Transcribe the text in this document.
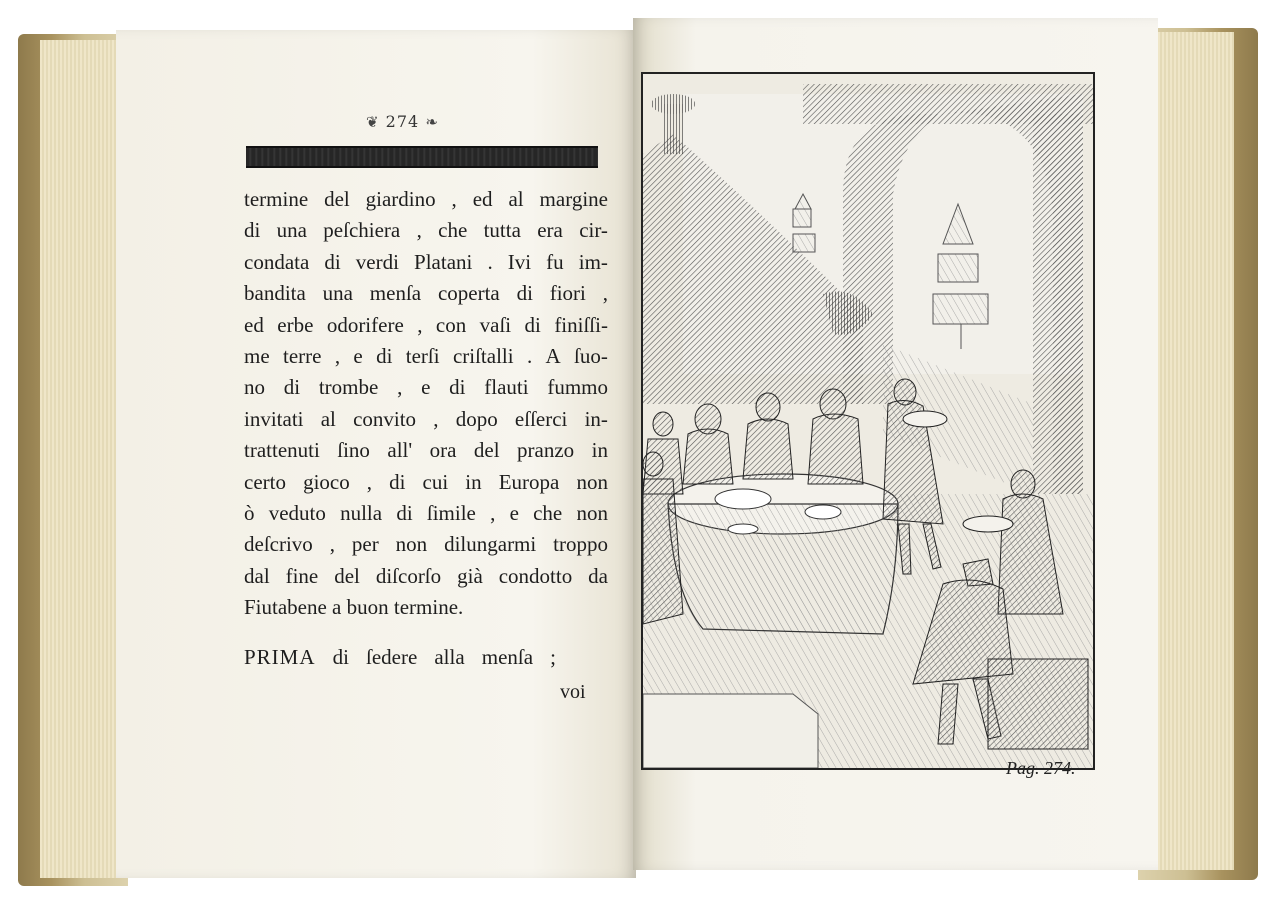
❦ 274 ❧
termine del giardino , ed al margine
di una peſchiera , che tutta era cir-
condata di verdi Platani . Ivi fu im-
bandita una menſa coperta di fiori ,
ed erbe odorifere , con vaſi di finiſſi-
me terre , e di terſi criſtalli . A ſuo-
no di trombe , e di flauti fummo
invitati al convito , dopo eſſerci in-
trattenuti ſino all' ora del pranzo in
certo gioco , di cui in Europa non
ò veduto nulla di ſimile , e che non
deſcrivo , per non dilungarmi troppo
dal fine del diſcorſo già condotto da
Fiutabene a buon termine.
PRIMA di ſedere alla menſa ;
voi
Pag. 274.
